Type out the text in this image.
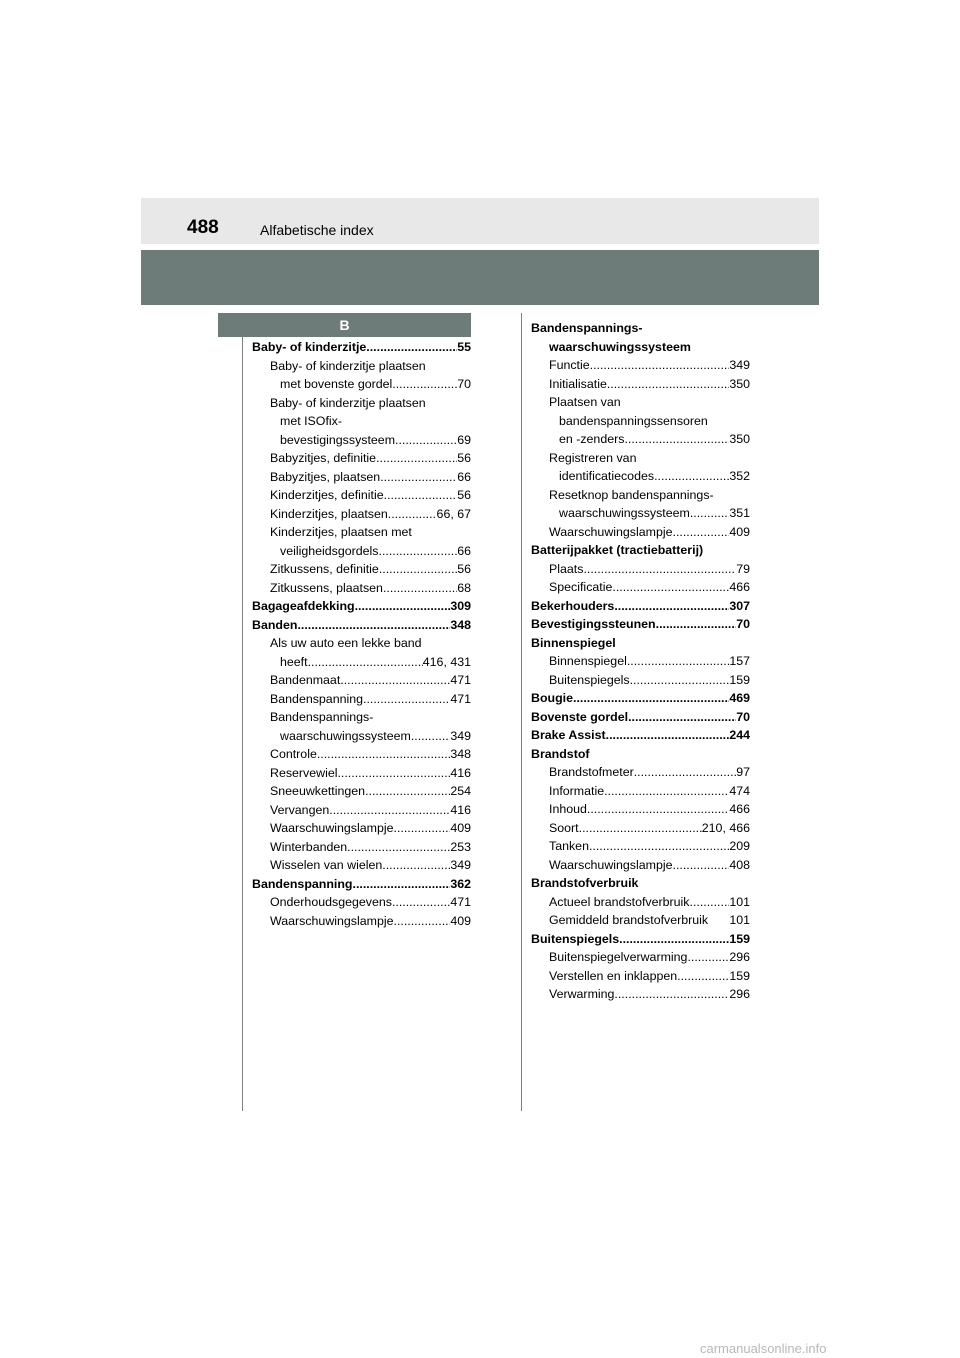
488	Alfabetische index
B
Baby- of kinderzitje .....	55
Baby- of kinderzitje plaatsen
met bovenste gordel .....	70
Baby- of kinderzitje plaatsen
met ISOfix-
bevestigingssysteem .....	69
Babyzitjes, definitie .....	56
Babyzitjes, plaatsen .....	66
Kinderzitjes, definitie .....	56
Kinderzitjes, plaatsen .....	66, 67
Kinderzitjes, plaatsen met
veiligheidsgordels .....	66
Zitkussens, definitie .....	56
Zitkussens, plaatsen .....	68
Bagageafdekking .....	309
Banden .....	348
Als uw auto een lekke band
heeft .....	416, 431
Bandenmaat .....	471
Bandenspanning .....	471
Bandenspannings-
waarschuwingssysteem .....	349
Controle .....	348
Reservewiel .....	416
Sneeuwkettingen .....	254
Vervangen .....	416
Waarschuwingslampje .....	409
Winterbanden .....	253
Wisselen van wielen .....	349
Bandenspanning .....	362
Onderhoudsgegevens .....	471
Waarschuwingslampje .....	409
Bandenspannings-
waarschuwingssysteem
Functie .....	349
Initialisatie .....	350
Plaatsen van
bandenspanningssensoren
en -zenders .....	350
Registreren van
identificatiecodes .....	352
Resetknop bandenspannings-
waarschuwingssysteem .....	351
Waarschuwingslampje .....	409
Batterijpakket (tractiebatterij)
Plaats .....	79
Specificatie .....	466
Bekerhouders .....	307
Bevestigingssteunen .....	70
Binnenspiegel
Binnenspiegel .....	157
Buitenspiegels .....	159
Bougie .....	469
Bovenste gordel .....	70
Brake Assist .....	244
Brandstof
Brandstofmeter .....	97
Informatie .....	474
Inhoud .....	466
Soort .....	210, 466
Tanken .....	209
Waarschuwingslampje .....	408
Brandstofverbruik
Actueel brandstofverbruik .....	101
Gemiddeld brandstofverbruik 101
Buitenspiegels .....	159
Buitenspiegelverwarming .....	296
Verstellen en inklappen .....	159
Verwarming .....	296
carmanualsonline.info
